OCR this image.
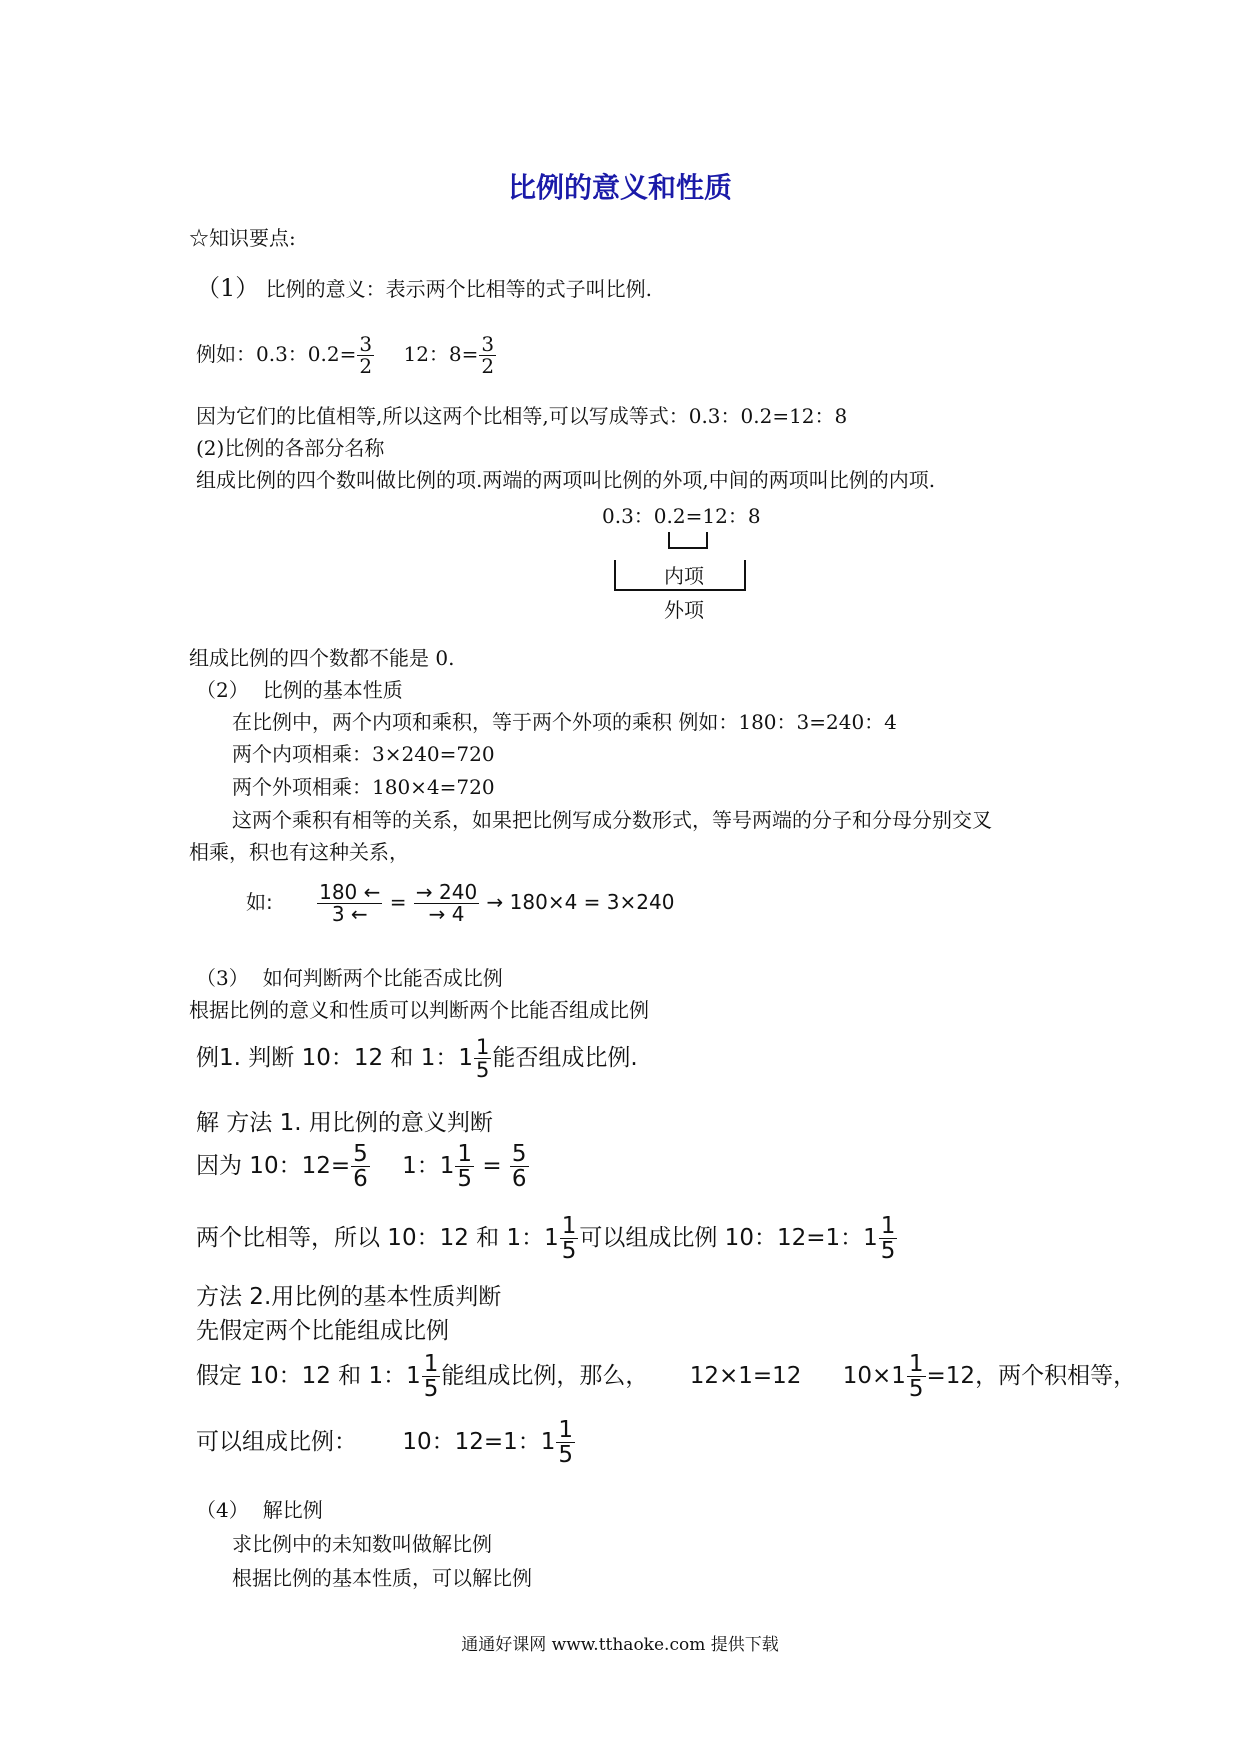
比例的意义和性质
☆知识要点:
（1） 比例的意义：表示两个比相等的式子叫比例.
例如：0.3：$0.2= \frac{3}{2} 12$：$8= \frac{3}{2}$
因为它们的比值相等,所以这两个比相等,可以写成等式：0.3：0.2=12：8
(2)比例的各部分名称
组成比例的四个数叫做比例的项.两端的两项叫比例的外项,中间的两项叫比例的内项.
0.3：0.2=12：8
内项
外项
组成比例的四个数都不能是 0.
（2） 比例的基本性质
在比例中，两个内项和乘积，等于两个外项的乘积 例如：180：3=240：4
两个内项相乘：3×240=720
两个外项相乘：180×4=720
这两个乘积有相等的关系，如果把比例写成分数形式，等号两端的分子和分母分别交叉
相乘，积也有这种关系，
如: $\frac{180 \leftarrow}{3 \leftarrow} = \frac{\to 240}{\to 4} \to 180\times 4 = 3\times 240$
（3） 如何判断两个比能否成比例
根据比例的意义和性质可以判断两个比能否组成比例
例1. 判断 10：12 和 1：$1 \frac{1}{5}$ 能否组成比例.
解 方法 1. 用比例的意义判断
因为 10：$12= \frac{5}{6} 1$：$1 \frac{1}{5} = \frac{5}{6}$
两个比相等，所以 10：12 和 1：$1 \frac{1}{5}$ 可以组成比例 10：12=1：$1 \frac{1}{5}$
方法 2.用比例的基本性质判断
先假定两个比能组成比例
假定 10：12 和 1：$1 \frac{1}{5}$ 能组成比例，那么， 12×1=12 $10\times 1 \frac{1}{5} =12$，两个积相等，
可以组成比例： 10：12=1：$1 \frac{1}{5}$
（4） 解比例
求比例中的未知数叫做解比例
根据比例的基本性质，可以解比例
通通好课网 www.tthaoke.com 提供下载
